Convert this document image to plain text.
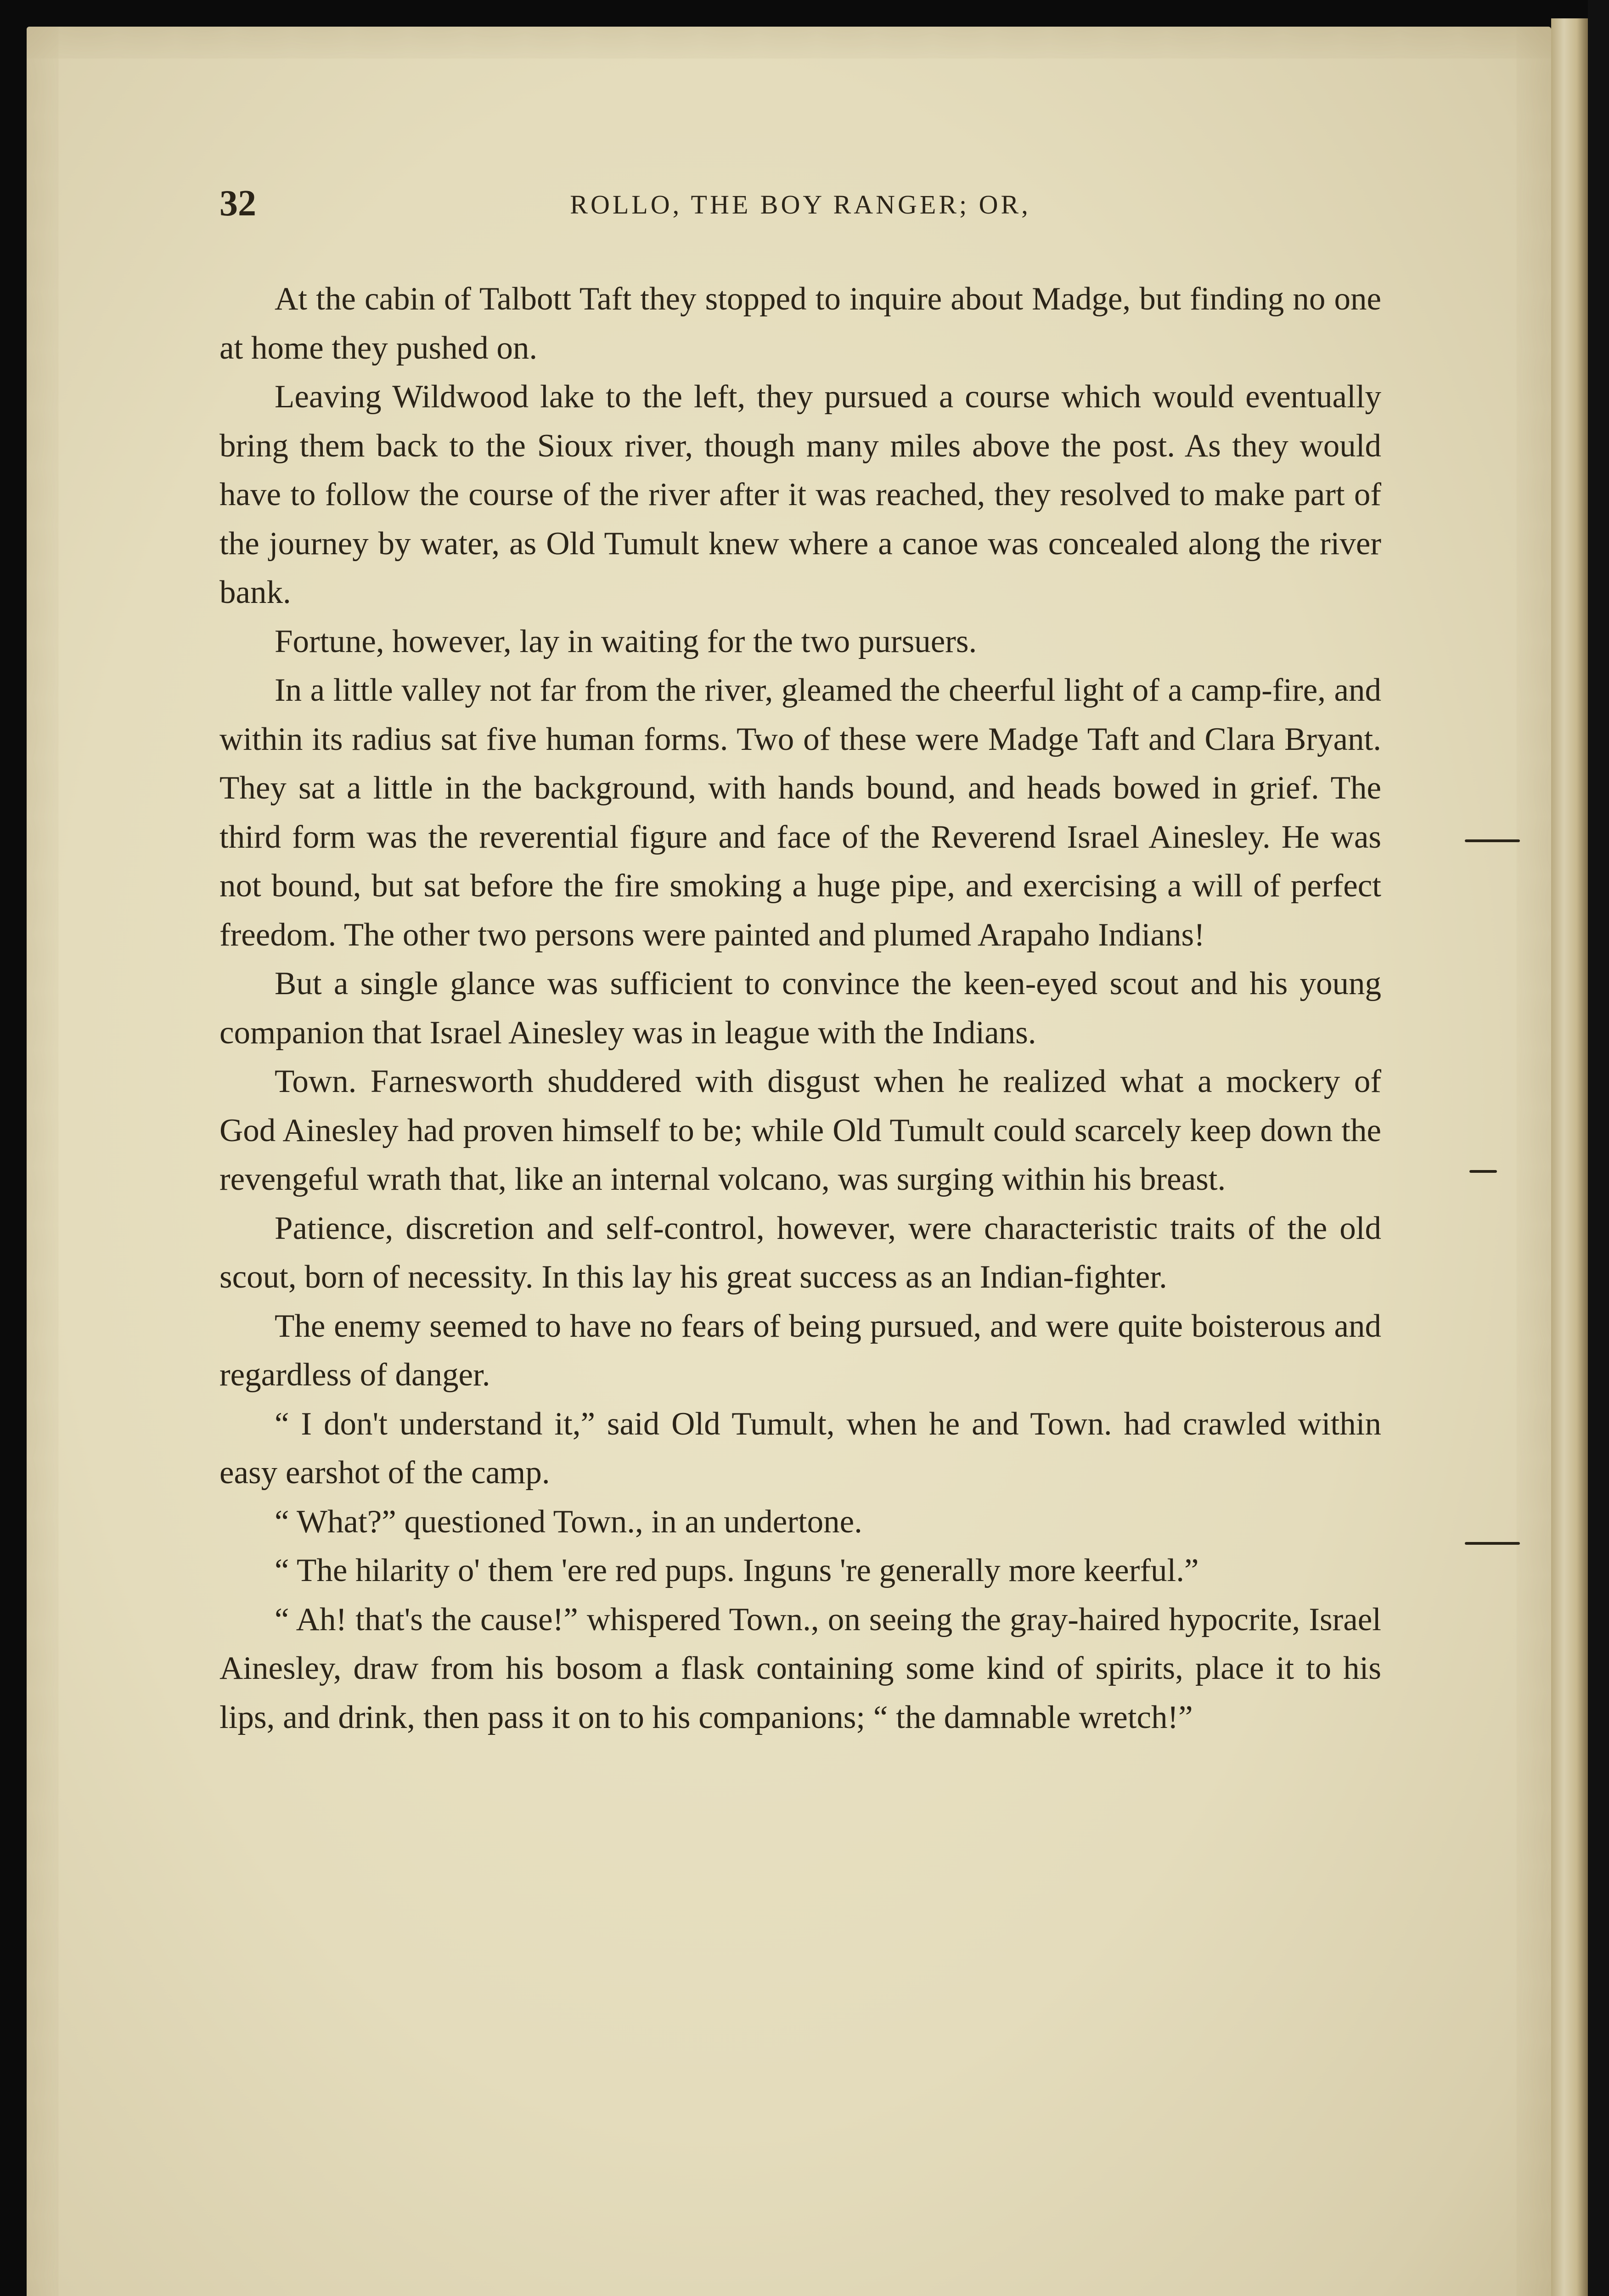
32	ROLLO, THE BOY RANGER; OR,

At the cabin of Talbott Taft they stopped to inquire about Madge, but finding no one at home they pushed on.

Leaving Wildwood lake to the left, they pursued a course which would eventually bring them back to the Sioux river, though many miles above the post. As they would have to follow the course of the river after it was reached, they resolved to make part of the journey by water, as Old Tumult knew where a canoe was concealed along the river bank.

Fortune, however, lay in waiting for the two pursuers.

In a little valley not far from the river, gleamed the cheerful light of a camp-fire, and within its radius sat five human forms. Two of these were Madge Taft and Clara Bryant. They sat a little in the background, with hands bound, and heads bowed in grief. The third form was the reverential figure and face of the Reverend Israel Ainesley. He was not bound, but sat before the fire smoking a huge pipe, and exercising a will of perfect freedom. The other two persons were painted and plumed Arapaho Indians!

But a single glance was sufficient to convince the keen-eyed scout and his young companion that Israel Ainesley was in league with the Indians.

Town. Farnesworth shuddered with disgust when he realized what a mockery of God Ainesley had proven himself to be; while Old Tumult could scarcely keep down the revengeful wrath that, like an internal volcano, was surging within his breast.

Patience, discretion and self-control, however, were characteristic traits of the old scout, born of necessity. In this lay his great success as an Indian-fighter.

The enemy seemed to have no fears of being pursued, and were quite boisterous and regardless of danger.

“ I don't understand it,” said Old Tumult, when he and Town. had crawled within easy earshot of the camp.

“ What?” questioned Town., in an undertone.

“ The hilarity o' them 'ere red pups. Inguns 're generally more keerful.”

“ Ah! that's the cause!” whispered Town., on seeing the gray-haired hypocrite, Israel Ainesley, draw from his bosom a flask containing some kind of spirits, place it to his lips, and drink, then pass it on to his companions; “ the damnable wretch!”
